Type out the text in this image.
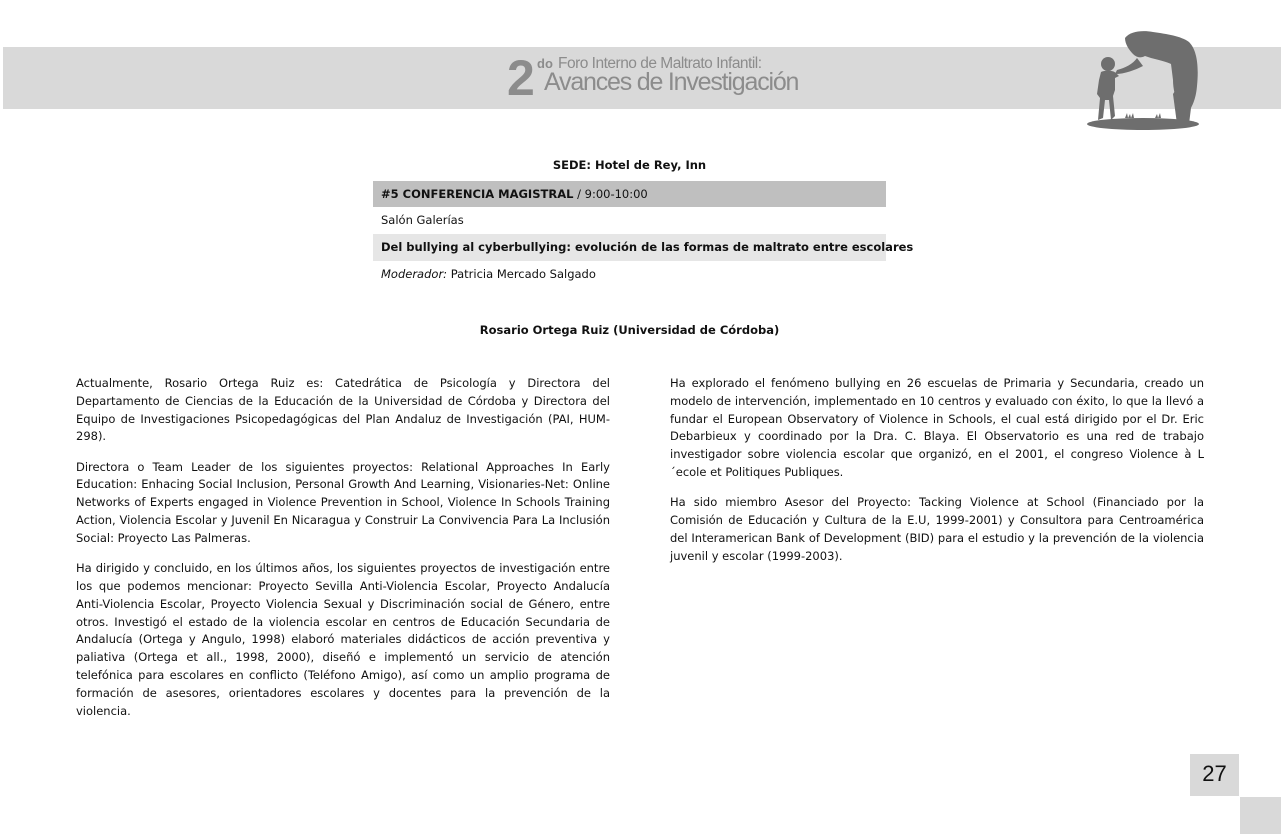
2 do Foro Interno de Maltrato Infantil:
Avances de Investigación
SEDE: Hotel de Rey, Inn
#5 CONFERENCIA MAGISTRAL / 9:00-10:00
Salón Galerías
Del bullying al cyberbullying: evolución de las formas de maltrato entre escolares
Moderador: Patricia Mercado Salgado
Rosario Ortega Ruiz (Universidad de Córdoba)

Actualmente, Rosario Ortega Ruiz es: Catedrática de Psicología y Directora del Departamento de Ciencias de la Educación de la Universidad de Córdoba y Directora del Equipo de Investigaciones Psicopedagógicas del Plan Andaluz de Investigación (PAI, HUM-298).

Directora o Team Leader de los siguientes proyectos: Relational Approaches In Early Education: Enhacing Social Inclusion, Personal Growth And Learning, Visionaries-Net: Online Networks of Experts engaged in Violence Prevention in School, Violence In Schools Training Action, Violencia Escolar y Juvenil En Nicaragua y Construir La Convivencia Para La Inclusión Social: Proyecto Las Palmeras.

Ha dirigido y concluido, en los últimos años, los siguientes proyectos de investigación entre los que podemos mencionar: Proyecto Sevilla Anti-Violencia Escolar, Proyecto Andalucía Anti-Violencia Escolar, Proyecto Violencia Sexual y Discriminación social de Género, entre otros. Investigó el estado de la violencia escolar en centros de Educación Secundaria de Andalucía (Ortega y Angulo, 1998) elaboró materiales didácticos de acción preventiva y paliativa (Ortega et all., 1998, 2000), diseñó e implementó un servicio de atención telefónica para escolares en conflicto (Teléfono Amigo), así como un amplio programa de formación de asesores, orientadores escolares y docentes para la prevención de la violencia.

Ha explorado el fenómeno bullying en 26 escuelas de Primaria y Secundaria, creado un modelo de intervención, implementado en 10 centros y evaluado con éxito, lo que la llevó a fundar el European Observatory of Violence in Schools, el cual está dirigido por el Dr. Eric Debarbieux y coordinado por la Dra. C. Blaya. El Observatorio es una red de trabajo investigador sobre violencia escolar que organizó, en el 2001, el congreso Violence à L´ecole et Politiques Publiques.

Ha sido miembro Asesor del Proyecto: Tacking Violence at School (Financiado por la Comisión de Educación y Cultura de la E.U, 1999-2001) y Consultora para Centroamérica del Interamerican Bank of Development (BID) para el estudio y la prevención de la violencia juvenil y escolar (1999-2003).

27
